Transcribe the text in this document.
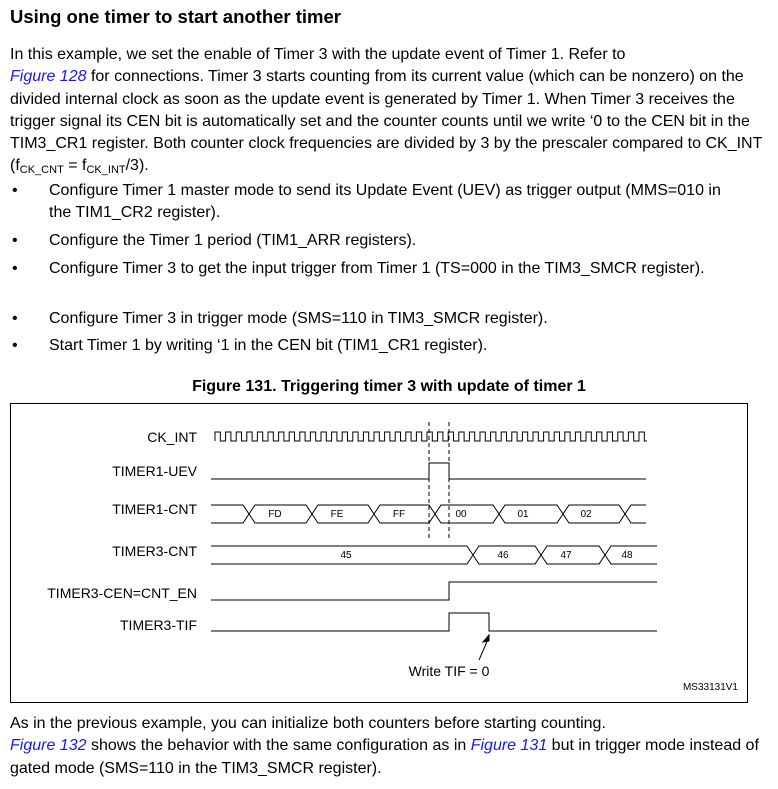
Using one timer to start another timer

In this example, we set the enable of Timer 3 with the update event of Timer 1. Refer to
Figure 128 for connections. Timer 3 starts counting from its current value (which can be nonzero) on the divided internal clock as soon as the update event is generated by Timer 1. When Timer 3 receives the trigger signal its CEN bit is automatically set and the counter counts until we write ‘0 to the CEN bit in the TIM3_CR1 register. Both counter clock frequencies are divided by 3 by the prescaler compared to CK_INT $(f_{CK\_CNT} = f_{CK\_INT}/3)$.

• Configure Timer 1 master mode to send its Update Event (UEV) as trigger output (MMS=010 in the TIM1_CR2 register).
• Configure the Timer 1 period (TIM1_ARR registers).
• Configure Timer 3 to get the input trigger from Timer 1 (TS=000 in the TIM3_SMCR register).
• Configure Timer 3 in trigger mode (SMS=110 in TIM3_SMCR register).
• Start Timer 1 by writing ‘1 in the CEN bit (TIM1_CR1 register).

Figure 131. Triggering timer 3 with update of timer 1

CK_INT
TIMER1-UEV
TIMER1-CNT
TIMER3-CNT
TIMER3-CEN=CNT_EN
TIMER3-TIF
FD	FE	FF	00	01	02
45	46	47	48
Write TIF = 0
MS33131V1

As in the previous example, you can initialize both counters before starting counting.
Figure 132 shows the behavior with the same configuration as in Figure 131 but in trigger mode instead of gated mode (SMS=110 in the TIM3_SMCR register).
